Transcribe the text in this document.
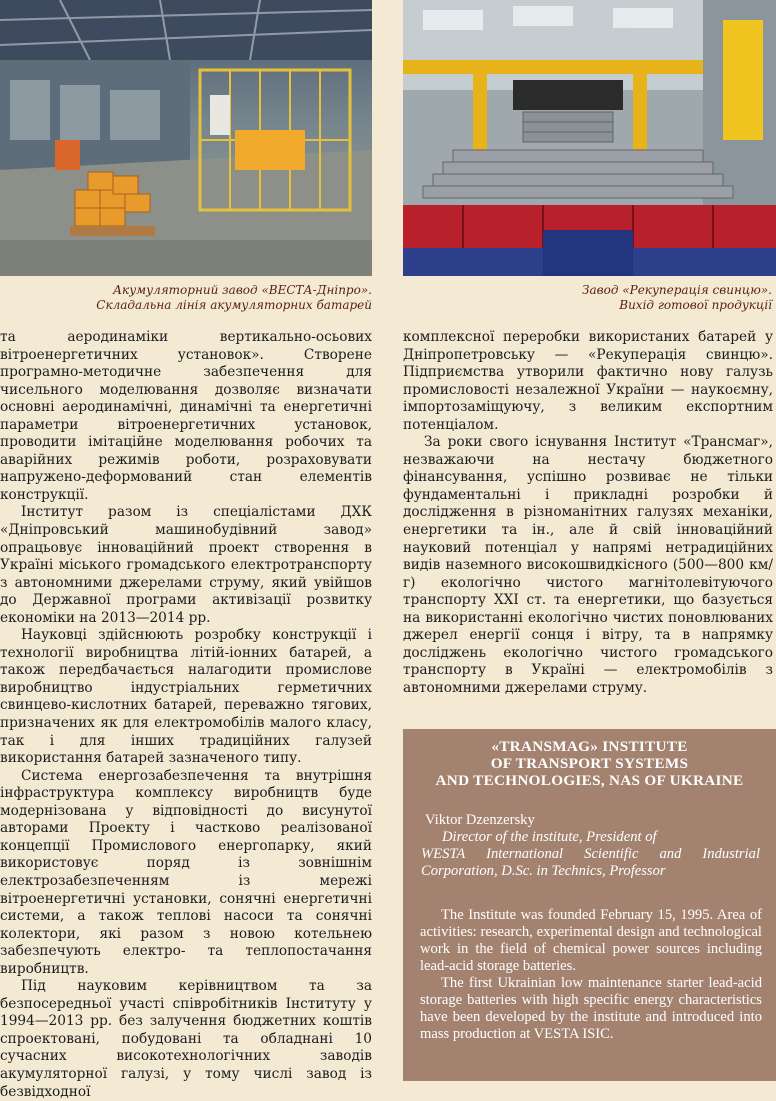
Акумуляторний завод «ВЕСТА-Дніпро».
Складальна лінія акумуляторних батарей
Завод «Рекуперація свинцю».
Вихід готової продукції

та аеродинаміки вертикально-осьових вітроенергетичних установок». Створене програмно-методичне забезпечення для чисельного моделювання дозволяє визначати основні аеродинамічні, динамічні та енергетичні параметри вітроенергетичних установок, проводити імітаційне моделювання робочих та аварійних режимів роботи, розраховувати напружено-деформований стан елементів конструкції.

Інститут разом із спеціалістами ДХК «Дніпровський машинобудівний завод» опрацьовує інноваційний проект створення в Україні міського громадського електротранспорту з автономними джерелами струму, який увійшов до Державної програми активізації розвитку економіки на 2013—2014 рр.

Науковці здійснюють розробку конструкції і технології виробництва літій-іонних батарей, а також передбачається налагодити промислове виробництво індустріальних герметичних свинцево-кислотних батарей, переважно тягових, призначених як для електромобілів малого класу, так і для інших традиційних галузей використання батарей зазначеного типу.

Система енергозабезпечення та внутрішня інфраструктура комплексу виробництв буде модернізована у відповідності до висунутої авторами Проекту і частково реалізованої концепції Промислового енергопарку, який використовує поряд із зовнішнім електрозабезпеченням із мережі вітроенергетичні установки, сонячні енергетичні системи, а також теплові насоси та сонячні колектори, які разом з новою котельнею забезпечують електро- та теплопостачання виробництв.

Під науковим керівництвом та за безпосередньої участі співробітників Інституту у 1994—2013 рр. без залучення бюджетних коштів спроектовані, побудовані та обладнані 10 сучасних високотехнологічних заводів акумуляторної галузі, у тому числі завод із безвідходної

комплексної переробки використаних батарей у Дніпропетровську — «Рекуперація свинцю». Підприємства утворили фактично нову галузь промисловості незалежної України — наукоємну, імпортозаміщуючу, з великим експортним потенціалом.

За роки свого існування Інститут «Трансмаг», незважаючи на нестачу бюджетного фінансування, успішно розвиває не тільки фундаментальні і прикладні розробки й дослідження в різноманітних галузях механіки, енергетики та ін., але й свій інноваційний науковий потенціал у напрямі нетрадиційних видів наземного високошвидкісного (500—800 км/г) екологічно чистого магнітолевітуючого транспорту XXI ст. та енергетики, що базується на використанні екологічно чистих поновлюваних джерел енергії сонця і вітру, та в напрямку досліджень екологічно чистого громадського транспорту в Україні — електромобілів з автономними джерелами струму.

«TRANSMAG» INSTITUTE
OF TRANSPORT SYSTEMS
AND TECHNOLOGIES, NAS OF UKRAINE
Viktor Dzenzersky
Director of the institute, President of
WESTA International Scientific and Industrial Corporation, D.Sc. in Technics, Professor

The Institute was founded February 15, 1995. Area of activities: research, experimental design and technological work in the field of chemical power sources including lead-acid storage batteries.

The first Ukrainian low maintenance starter lead-acid storage batteries with high specific energy characteristics have been developed by the institute and introduced into mass production at VESTA ISIC.
